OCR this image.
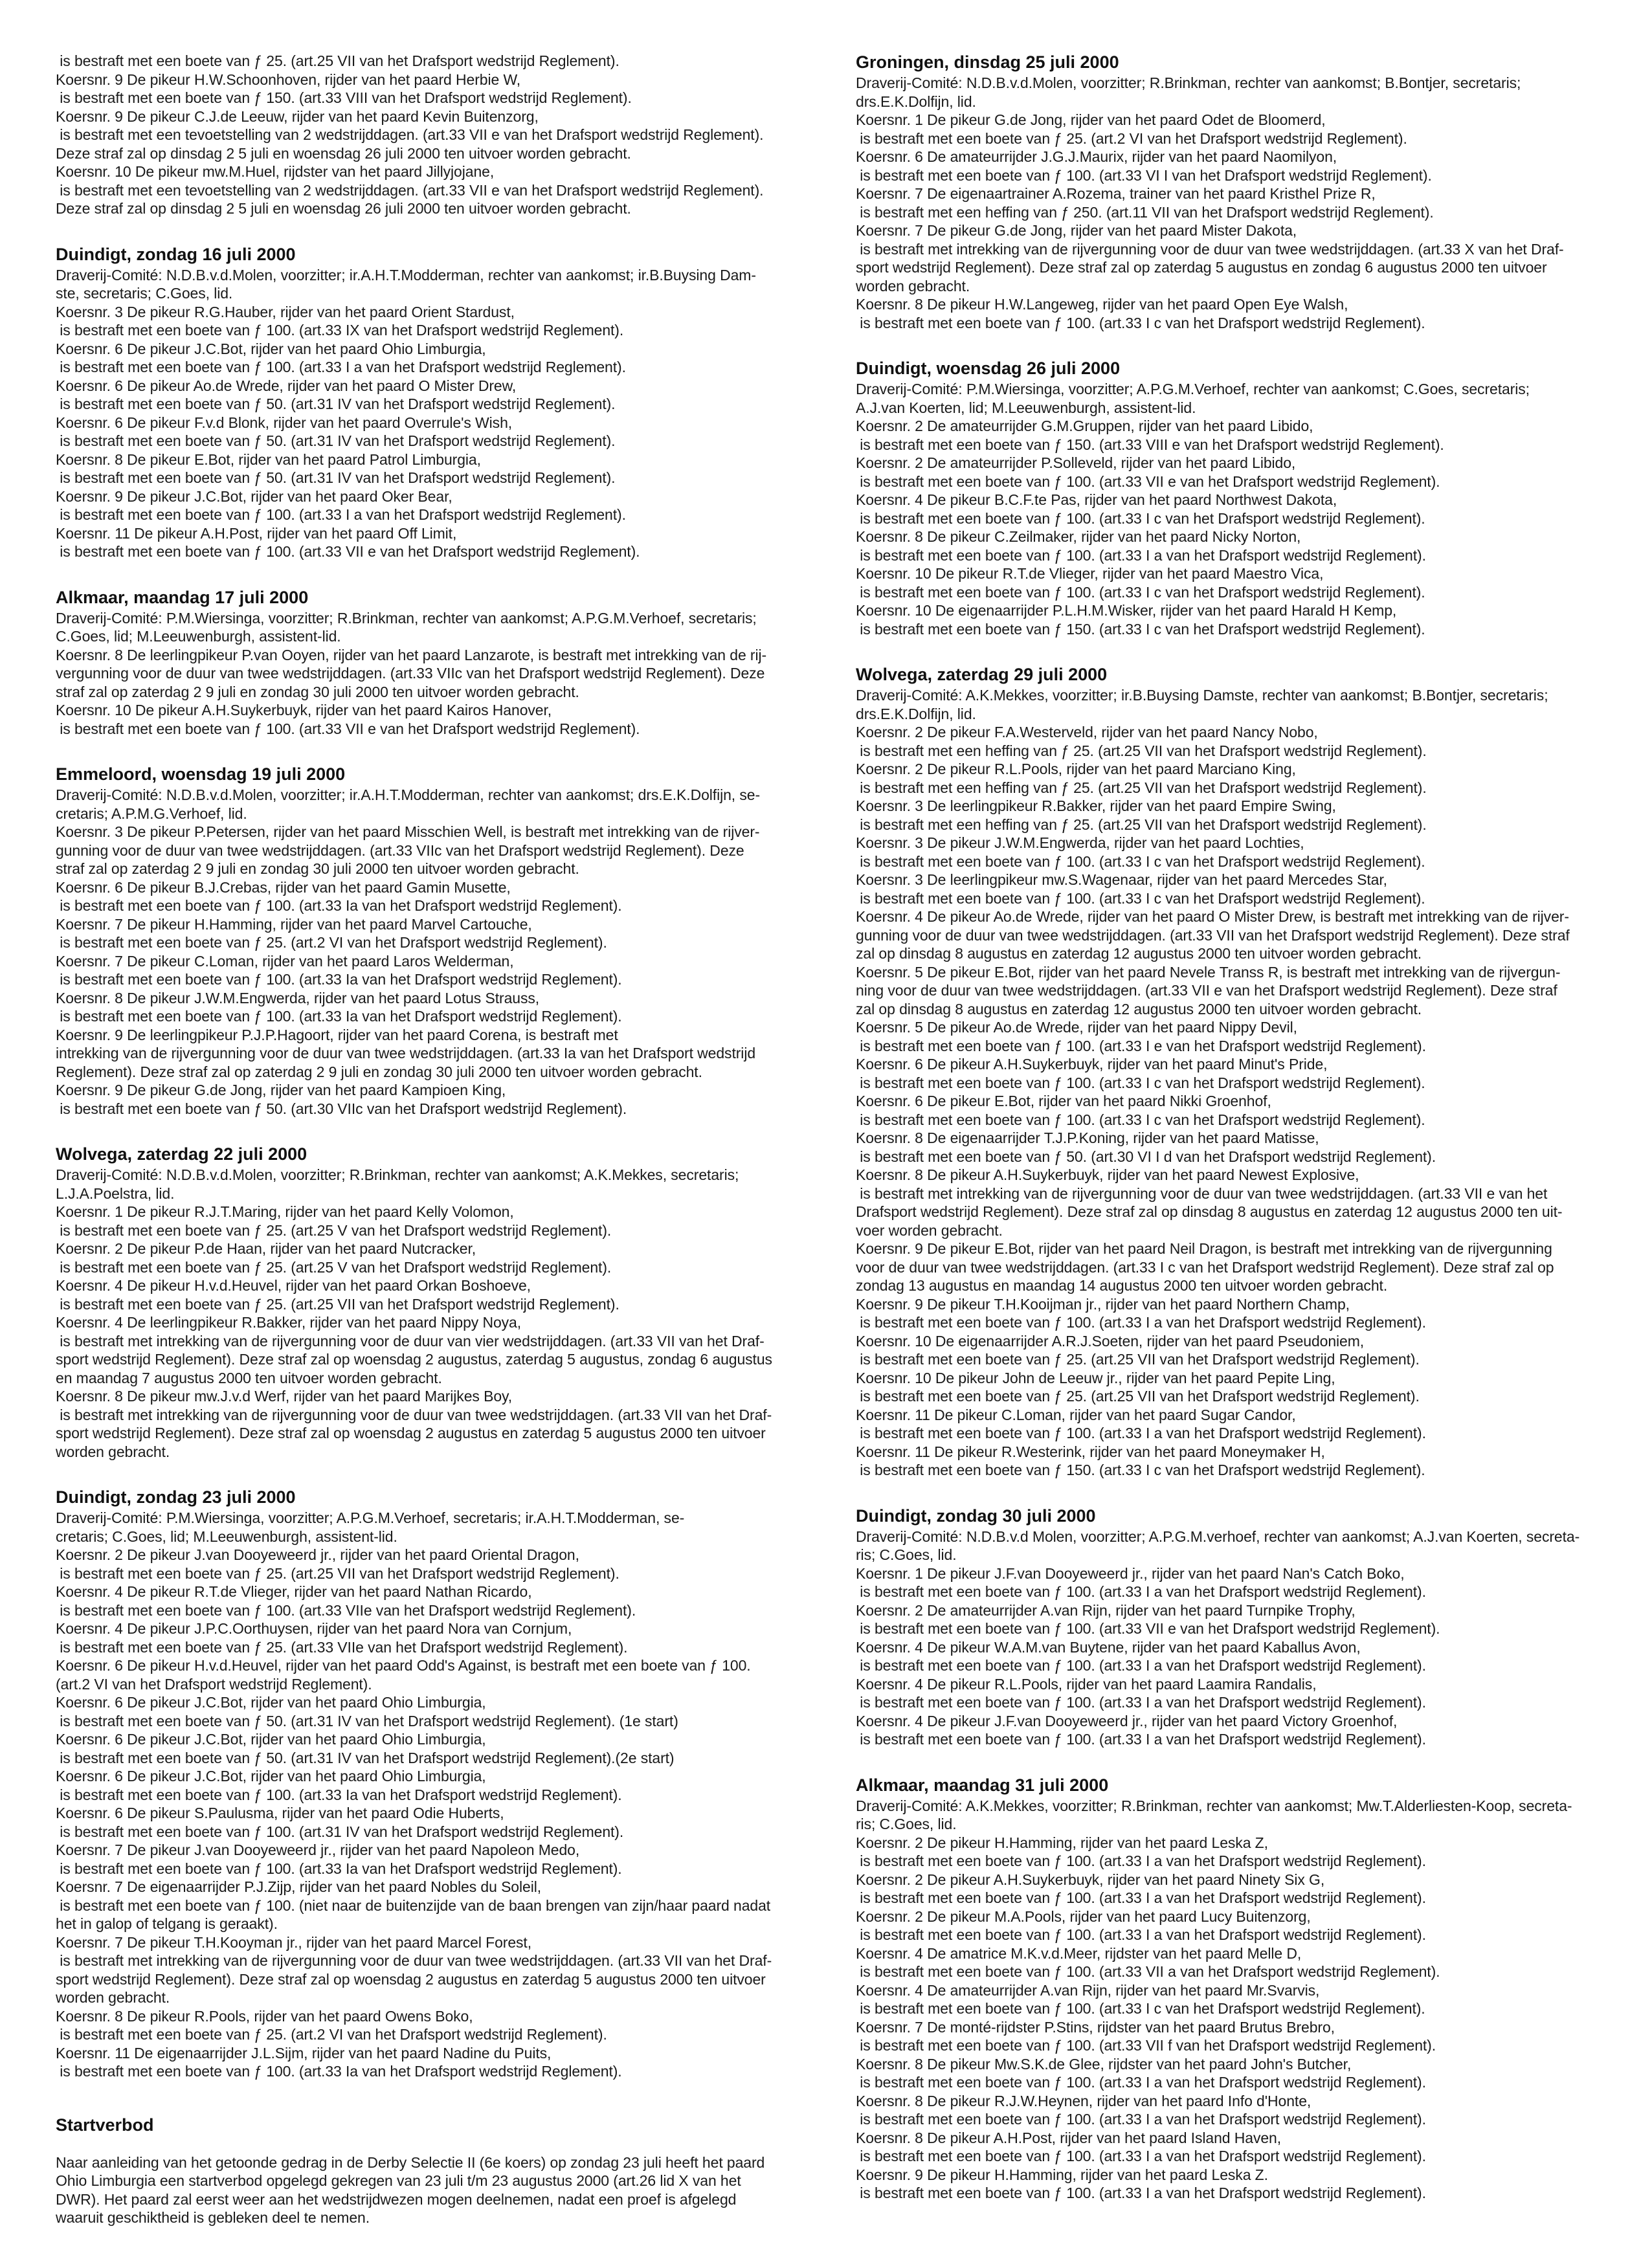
is bestraft met een boete van ƒ 25. (art.25 VII van het Drafsport wedstrijd Reglement).
Koersnr. 9 De pikeur H.W.Schoonhoven, rijder van het paard Herbie W,
is bestraft met een boete van ƒ 150. (art.33 VIII van het Drafsport wedstrijd Reglement).
Koersnr. 9 De pikeur C.J.de Leeuw, rijder van het paard Kevin Buitenzorg,
is bestraft met een tevoetstelling van 2 wedstrijddagen. (art.33 VII e van het Drafsport wedstrijd Reglement).
Deze straf zal op dinsdag 2 5 juli en woensdag 26 juli 2000 ten uitvoer worden gebracht.
Koersnr. 10 De pikeur mw.M.Huel, rijdster van het paard Jillyjojane,
is bestraft met een tevoetstelling van 2 wedstrijddagen. (art.33 VII e van het Drafsport wedstrijd Reglement).
Deze straf zal op dinsdag 2 5 juli en woensdag 26 juli 2000 ten uitvoer worden gebracht.
Duindigt, zondag 16 juli 2000
Draverij-Comité: N.D.B.v.d.Molen, voorzitter; ir.A.H.T.Modderman, rechter van aankomst; ir.B.Buysing Dam-
ste, secretaris; C.Goes, lid.
Koersnr. 3 De pikeur R.G.Hauber, rijder van het paard Orient Stardust,
is bestraft met een boete van ƒ 100. (art.33 IX van het Drafsport wedstrijd Reglement).
Koersnr. 6 De pikeur J.C.Bot, rijder van het paard Ohio Limburgia,
is bestraft met een boete van ƒ 100. (art.33 I a van het Drafsport wedstrijd Reglement).
Koersnr. 6 De pikeur Ao.de Wrede, rijder van het paard O Mister Drew,
is bestraft met een boete van ƒ 50. (art.31 IV van het Drafsport wedstrijd Reglement).
Koersnr. 6 De pikeur F.v.d Blonk, rijder van het paard Overrule's Wish,
is bestraft met een boete van ƒ 50. (art.31 IV van het Drafsport wedstrijd Reglement).
Koersnr. 8 De pikeur E.Bot, rijder van het paard Patrol Limburgia,
is bestraft met een boete van ƒ 50. (art.31 IV van het Drafsport wedstrijd Reglement).
Koersnr. 9 De pikeur J.C.Bot, rijder van het paard Oker Bear,
is bestraft met een boete van ƒ 100. (art.33 I a van het Drafsport wedstrijd Reglement).
Koersnr. 11 De pikeur A.H.Post, rijder van het paard Off Limit,
is bestraft met een boete van ƒ 100. (art.33 VII e van het Drafsport wedstrijd Reglement).
Alkmaar, maandag 17 juli 2000
Draverij-Comité: P.M.Wiersinga, voorzitter; R.Brinkman, rechter van aankomst; A.P.G.M.Verhoef, secretaris;
C.Goes, lid; M.Leeuwenburgh, assistent-lid.
Koersnr. 8 De leerlingpikeur P.van Ooyen, rijder van het paard Lanzarote, is bestraft met intrekking van de rij-
vergunning voor de duur van twee wedstrijddagen. (art.33 VIIc van het Drafsport wedstrijd Reglement). Deze
straf zal op zaterdag 2 9 juli en zondag 30 juli 2000 ten uitvoer worden gebracht.
Koersnr. 10 De pikeur A.H.Suykerbuyk, rijder van het paard Kairos Hanover,
is bestraft met een boete van ƒ 100. (art.33 VII e van het Drafsport wedstrijd Reglement).
Emmeloord, woensdag 19 juli 2000
Draverij-Comité: N.D.B.v.d.Molen, voorzitter; ir.A.H.T.Modderman, rechter van aankomst; drs.E.K.Dolfijn, se-
cretaris; A.P.M.G.Verhoef, lid.
Koersnr. 3 De pikeur P.Petersen, rijder van het paard Misschien Well, is bestraft met intrekking van de rijver-
gunning voor de duur van twee wedstrijddagen. (art.33 VIIc van het Drafsport wedstrijd Reglement). Deze
straf zal op zaterdag 2 9 juli en zondag 30 juli 2000 ten uitvoer worden gebracht.
Koersnr. 6 De pikeur B.J.Crebas, rijder van het paard Gamin Musette,
is bestraft met een boete van ƒ 100. (art.33 Ia van het Drafsport wedstrijd Reglement).
Koersnr. 7 De pikeur H.Hamming, rijder van het paard Marvel Cartouche,
is bestraft met een boete van ƒ 25. (art.2 VI van het Drafsport wedstrijd Reglement).
Koersnr. 7 De pikeur C.Loman, rijder van het paard Laros Welderman,
is bestraft met een boete van ƒ 100. (art.33 Ia van het Drafsport wedstrijd Reglement).
Koersnr. 8 De pikeur J.W.M.Engwerda, rijder van het paard Lotus Strauss,
is bestraft met een boete van ƒ 100. (art.33 Ia van het Drafsport wedstrijd Reglement).
Koersnr. 9 De leerlingpikeur P.J.P.Hagoort, rijder van het paard Corena, is bestraft met
intrekking van de rijvergunning voor de duur van twee wedstrijddagen. (art.33 Ia van het Drafsport wedstrijd
Reglement). Deze straf zal op zaterdag 2 9 juli en zondag 30 juli 2000 ten uitvoer worden gebracht.
Koersnr. 9 De pikeur G.de Jong, rijder van het paard Kampioen King,
is bestraft met een boete van ƒ 50. (art.30 VIIc van het Drafsport wedstrijd Reglement).
Wolvega, zaterdag 22 juli 2000
Draverij-Comité: N.D.B.v.d.Molen, voorzitter; R.Brinkman, rechter van aankomst; A.K.Mekkes, secretaris;
L.J.A.Poelstra, lid.
Koersnr. 1 De pikeur R.J.T.Maring, rijder van het paard Kelly Volomon,
is bestraft met een boete van ƒ 25. (art.25 V van het Drafsport wedstrijd Reglement).
Koersnr. 2 De pikeur P.de Haan, rijder van het paard Nutcracker,
is bestraft met een boete van ƒ 25. (art.25 V van het Drafsport wedstrijd Reglement).
Koersnr. 4 De pikeur H.v.d.Heuvel, rijder van het paard Orkan Boshoeve,
is bestraft met een boete van ƒ 25. (art.25 VII van het Drafsport wedstrijd Reglement).
Koersnr. 4 De leerlingpikeur R.Bakker, rijder van het paard Nippy Noya,
is bestraft met intrekking van de rijvergunning voor de duur van vier wedstrijddagen. (art.33 VII van het Draf-
sport wedstrijd Reglement). Deze straf zal op woensdag 2 augustus, zaterdag 5 augustus, zondag 6 augustus
en maandag 7 augustus 2000 ten uitvoer worden gebracht.
Koersnr. 8 De pikeur mw.J.v.d Werf, rijder van het paard Marijkes Boy,
is bestraft met intrekking van de rijvergunning voor de duur van twee wedstrijddagen. (art.33 VII van het Draf-
sport wedstrijd Reglement). Deze straf zal op woensdag 2 augustus en zaterdag 5 augustus 2000 ten uitvoer
worden gebracht.
Duindigt, zondag 23 juli 2000
Draverij-Comité: P.M.Wiersinga, voorzitter; A.P.G.M.Verhoef, secretaris; ir.A.H.T.Modderman, se-
cretaris; C.Goes, lid; M.Leeuwenburgh, assistent-lid.
Koersnr. 2 De pikeur J.van Dooyeweerd jr., rijder van het paard Oriental Dragon,
is bestraft met een boete van ƒ 25. (art.25 VII van het Drafsport wedstrijd Reglement).
Koersnr. 4 De pikeur R.T.de Vlieger, rijder van het paard Nathan Ricardo,
is bestraft met een boete van ƒ 100. (art.33 VIIe van het Drafsport wedstrijd Reglement).
Koersnr. 4 De pikeur J.P.C.Oorthuysen, rijder van het paard Nora van Cornjum,
is bestraft met een boete van ƒ 25. (art.33 VIIe van het Drafsport wedstrijd Reglement).
Koersnr. 6 De pikeur H.v.d.Heuvel, rijder van het paard Odd's Against, is bestraft met een boete van ƒ 100.
(art.2 VI van het Drafsport wedstrijd Reglement).
Koersnr. 6 De pikeur J.C.Bot, rijder van het paard Ohio Limburgia,
is bestraft met een boete van ƒ 50. (art.31 IV van het Drafsport wedstrijd Reglement). (1e start)
Koersnr. 6 De pikeur J.C.Bot, rijder van het paard Ohio Limburgia,
is bestraft met een boete van ƒ 50. (art.31 IV van het Drafsport wedstrijd Reglement).(2e start)
Koersnr. 6 De pikeur J.C.Bot, rijder van het paard Ohio Limburgia,
is bestraft met een boete van ƒ 100. (art.33 Ia van het Drafsport wedstrijd Reglement).
Koersnr. 6 De pikeur S.Paulusma, rijder van het paard Odie Huberts,
is bestraft met een boete van ƒ 100. (art.31 IV van het Drafsport wedstrijd Reglement).
Koersnr. 7 De pikeur J.van Dooyeweerd jr., rijder van het paard Napoleon Medo,
is bestraft met een boete van ƒ 100. (art.33 Ia van het Drafsport wedstrijd Reglement).
Koersnr. 7 De eigenaarrijder P.J.Zijp, rijder van het paard Nobles du Soleil,
is bestraft met een boete van ƒ 100. (niet naar de buitenzijde van de baan brengen van zijn/haar paard nadat
het in galop of telgang is geraakt).
Koersnr. 7 De pikeur T.H.Kooyman jr., rijder van het paard Marcel Forest,
is bestraft met intrekking van de rijvergunning voor de duur van twee wedstrijddagen. (art.33 VII van het Draf-
sport wedstrijd Reglement). Deze straf zal op woensdag 2 augustus en zaterdag 5 augustus 2000 ten uitvoer
worden gebracht.
Koersnr. 8 De pikeur R.Pools, rijder van het paard Owens Boko,
is bestraft met een boete van ƒ 25. (art.2 VI van het Drafsport wedstrijd Reglement).
Koersnr. 11 De eigenaarrijder J.L.Sijm, rijder van het paard Nadine du Puits,
is bestraft met een boete van ƒ 100. (art.33 Ia van het Drafsport wedstrijd Reglement).
Startverbod
Naar aanleiding van het getoonde gedrag in de Derby Selectie II (6e koers) op zondag 23 juli heeft het paard
Ohio Limburgia een startverbod opgelegd gekregen van 23 juli t/m 23 augustus 2000 (art.26 lid X van het
DWR). Het paard zal eerst weer aan het wedstrijdwezen mogen deelnemen, nadat een proef is afgelegd
waaruit geschiktheid is gebleken deel te nemen.
Groningen, dinsdag 25 juli 2000
Draverij-Comité: N.D.B.v.d.Molen, voorzitter; R.Brinkman, rechter van aankomst; B.Bontjer, secretaris;
drs.E.K.Dolfijn, lid.
Koersnr. 1 De pikeur G.de Jong, rijder van het paard Odet de Bloomerd,
is bestraft met een boete van ƒ 25. (art.2 VI van het Drafsport wedstrijd Reglement).
Koersnr. 6 De amateurrijder J.G.J.Maurix, rijder van het paard Naomilyon,
is bestraft met een boete van ƒ 100. (art.33 VI I van het Drafsport wedstrijd Reglement).
Koersnr. 7 De eigenaartrainer A.Rozema, trainer van het paard Kristhel Prize R,
is bestraft met een heffing van ƒ 250. (art.11 VII van het Drafsport wedstrijd Reglement).
Koersnr. 7 De pikeur G.de Jong, rijder van het paard Mister Dakota,
is bestraft met intrekking van de rijvergunning voor de duur van twee wedstrijddagen. (art.33 X van het Draf-
sport wedstrijd Reglement). Deze straf zal op zaterdag 5 augustus en zondag 6 augustus 2000 ten uitvoer
worden gebracht.
Koersnr. 8 De pikeur H.W.Langeweg, rijder van het paard Open Eye Walsh,
is bestraft met een boete van ƒ 100. (art.33 I c van het Drafsport wedstrijd Reglement).
Duindigt, woensdag 26 juli 2000
Draverij-Comité: P.M.Wiersinga, voorzitter; A.P.G.M.Verhoef, rechter van aankomst; C.Goes, secretaris;
A.J.van Koerten, lid; M.Leeuwenburgh, assistent-lid.
Koersnr. 2 De amateurrijder G.M.Gruppen, rijder van het paard Libido,
is bestraft met een boete van ƒ 150. (art.33 VIII e van het Drafsport wedstrijd Reglement).
Koersnr. 2 De amateurrijder P.Solleveld, rijder van het paard Libido,
is bestraft met een boete van ƒ 100. (art.33 VII e van het Drafsport wedstrijd Reglement).
Koersnr. 4 De pikeur B.C.F.te Pas, rijder van het paard Northwest Dakota,
is bestraft met een boete van ƒ 100. (art.33 I c van het Drafsport wedstrijd Reglement).
Koersnr. 8 De pikeur C.Zeilmaker, rijder van het paard Nicky Norton,
is bestraft met een boete van ƒ 100. (art.33 I a van het Drafsport wedstrijd Reglement).
Koersnr. 10 De pikeur R.T.de Vlieger, rijder van het paard Maestro Vica,
is bestraft met een boete van ƒ 100. (art.33 I c van het Drafsport wedstrijd Reglement).
Koersnr. 10 De eigenaarrijder P.L.H.M.Wisker, rijder van het paard Harald H Kemp,
is bestraft met een boete van ƒ 150. (art.33 I c van het Drafsport wedstrijd Reglement).
Wolvega, zaterdag 29 juli 2000
Draverij-Comité: A.K.Mekkes, voorzitter; ir.B.Buysing Damste, rechter van aankomst; B.Bontjer, secretaris;
drs.E.K.Dolfijn, lid.
Koersnr. 2 De pikeur F.A.Westerveld, rijder van het paard Nancy Nobo,
is bestraft met een heffing van ƒ 25. (art.25 VII van het Drafsport wedstrijd Reglement).
Koersnr. 2 De pikeur R.L.Pools, rijder van het paard Marciano King,
is bestraft met een heffing van ƒ 25. (art.25 VII van het Drafsport wedstrijd Reglement).
Koersnr. 3 De leerlingpikeur R.Bakker, rijder van het paard Empire Swing,
is bestraft met een heffing van ƒ 25. (art.25 VII van het Drafsport wedstrijd Reglement).
Koersnr. 3 De pikeur J.W.M.Engwerda, rijder van het paard Lochties,
is bestraft met een boete van ƒ 100. (art.33 I c van het Drafsport wedstrijd Reglement).
Koersnr. 3 De leerlingpikeur mw.S.Wagenaar, rijder van het paard Mercedes Star,
is bestraft met een boete van ƒ 100. (art.33 I c van het Drafsport wedstrijd Reglement).
Koersnr. 4 De pikeur Ao.de Wrede, rijder van het paard O Mister Drew, is bestraft met intrekking van de rijver-
gunning voor de duur van twee wedstrijddagen. (art.33 VII van het Drafsport wedstrijd Reglement). Deze straf
zal op dinsdag 8 augustus en zaterdag 12 augustus 2000 ten uitvoer worden gebracht.
Koersnr. 5 De pikeur E.Bot, rijder van het paard Nevele Transs R, is bestraft met intrekking van de rijvergun-
ning voor de duur van twee wedstrijddagen. (art.33 VII e van het Drafsport wedstrijd Reglement). Deze straf
zal op dinsdag 8 augustus en zaterdag 12 augustus 2000 ten uitvoer worden gebracht.
Koersnr. 5 De pikeur Ao.de Wrede, rijder van het paard Nippy Devil,
is bestraft met een boete van ƒ 100. (art.33 I e van het Drafsport wedstrijd Reglement).
Koersnr. 6 De pikeur A.H.Suykerbuyk, rijder van het paard Minut's Pride,
is bestraft met een boete van ƒ 100. (art.33 I c van het Drafsport wedstrijd Reglement).
Koersnr. 6 De pikeur E.Bot, rijder van het paard Nikki Groenhof,
is bestraft met een boete van ƒ 100. (art.33 I c van het Drafsport wedstrijd Reglement).
Koersnr. 8 De eigenaarrijder T.J.P.Koning, rijder van het paard Matisse,
is bestraft met een boete van ƒ 50. (art.30 VI I d van het Drafsport wedstrijd Reglement).
Koersnr. 8 De pikeur A.H.Suykerbuyk, rijder van het paard Newest Explosive,
is bestraft met intrekking van de rijvergunning voor de duur van twee wedstrijddagen. (art.33 VII e van het
Drafsport wedstrijd Reglement). Deze straf zal op dinsdag 8 augustus en zaterdag 12 augustus 2000 ten uit-
voer worden gebracht.
Koersnr. 9 De pikeur E.Bot, rijder van het paard Neil Dragon, is bestraft met intrekking van de rijvergunning
voor de duur van twee wedstrijddagen. (art.33 I c van het Drafsport wedstrijd Reglement). Deze straf zal op
zondag 13 augustus en maandag 14 augustus 2000 ten uitvoer worden gebracht.
Koersnr. 9 De pikeur T.H.Kooijman jr., rijder van het paard Northern Champ,
is bestraft met een boete van ƒ 100. (art.33 I a van het Drafsport wedstrijd Reglement).
Koersnr. 10 De eigenaarrijder A.R.J.Soeten, rijder van het paard Pseudoniem,
is bestraft met een boete van ƒ 25. (art.25 VII van het Drafsport wedstrijd Reglement).
Koersnr. 10 De pikeur John de Leeuw jr., rijder van het paard Pepite Ling,
is bestraft met een boete van ƒ 25. (art.25 VII van het Drafsport wedstrijd Reglement).
Koersnr. 11 De pikeur C.Loman, rijder van het paard Sugar Candor,
is bestraft met een boete van ƒ 100. (art.33 I a van het Drafsport wedstrijd Reglement).
Koersnr. 11 De pikeur R.Westerink, rijder van het paard Moneymaker H,
is bestraft met een boete van ƒ 150. (art.33 I c van het Drafsport wedstrijd Reglement).
Duindigt, zondag 30 juli 2000
Draverij-Comité: N.D.B.v.d Molen, voorzitter; A.P.G.M.verhoef, rechter van aankomst; A.J.van Koerten, secreta-
ris; C.Goes, lid.
Koersnr. 1 De pikeur J.F.van Dooyeweerd jr., rijder van het paard Nan's Catch Boko,
is bestraft met een boete van ƒ 100. (art.33 I a van het Drafsport wedstrijd Reglement).
Koersnr. 2 De amateurrijder A.van Rijn, rijder van het paard Turnpike Trophy,
is bestraft met een boete van ƒ 100. (art.33 VII e van het Drafsport wedstrijd Reglement).
Koersnr. 4 De pikeur W.A.M.van Buytene, rijder van het paard Kaballus Avon,
is bestraft met een boete van ƒ 100. (art.33 I a van het Drafsport wedstrijd Reglement).
Koersnr. 4 De pikeur R.L.Pools, rijder van het paard Laamira Randalis,
is bestraft met een boete van ƒ 100. (art.33 I a van het Drafsport wedstrijd Reglement).
Koersnr. 4 De pikeur J.F.van Dooyeweerd jr., rijder van het paard Victory Groenhof,
is bestraft met een boete van ƒ 100. (art.33 I a van het Drafsport wedstrijd Reglement).
Alkmaar, maandag 31 juli 2000
Draverij-Comité: A.K.Mekkes, voorzitter; R.Brinkman, rechter van aankomst; Mw.T.Alderliesten-Koop, secreta-
ris; C.Goes, lid.
Koersnr. 2 De pikeur H.Hamming, rijder van het paard Leska Z,
is bestraft met een boete van ƒ 100. (art.33 I a van het Drafsport wedstrijd Reglement).
Koersnr. 2 De pikeur A.H.Suykerbuyk, rijder van het paard Ninety Six G,
is bestraft met een boete van ƒ 100. (art.33 I a van het Drafsport wedstrijd Reglement).
Koersnr. 2 De pikeur M.A.Pools, rijder van het paard Lucy Buitenzorg,
is bestraft met een boete van ƒ 100. (art.33 I a van het Drafsport wedstrijd Reglement).
Koersnr. 4 De amatrice M.K.v.d.Meer, rijdster van het paard Melle D,
is bestraft met een boete van ƒ 100. (art.33 VII a van het Drafsport wedstrijd Reglement).
Koersnr. 4 De amateurrijder A.van Rijn, rijder van het paard Mr.Svarvis,
is bestraft met een boete van ƒ 100. (art.33 I c van het Drafsport wedstrijd Reglement).
Koersnr. 7 De monté-rijdster P.Stins, rijdster van het paard Brutus Brebro,
is bestraft met een boete van ƒ 100. (art.33 VII f van het Drafsport wedstrijd Reglement).
Koersnr. 8 De pikeur Mw.S.K.de Glee, rijdster van het paard John's Butcher,
is bestraft met een boete van ƒ 100. (art.33 I a van het Drafsport wedstrijd Reglement).
Koersnr. 8 De pikeur R.J.W.Heynen, rijder van het paard Info d'Honte,
is bestraft met een boete van ƒ 100. (art.33 I a van het Drafsport wedstrijd Reglement).
Koersnr. 8 De pikeur A.H.Post, rijder van het paard Island Haven,
is bestraft met een boete van ƒ 100. (art.33 I a van het Drafsport wedstrijd Reglement).
Koersnr. 9 De pikeur H.Hamming, rijder van het paard Leska Z.
is bestraft met een boete van ƒ 100. (art.33 I a van het Drafsport wedstrijd Reglement).
